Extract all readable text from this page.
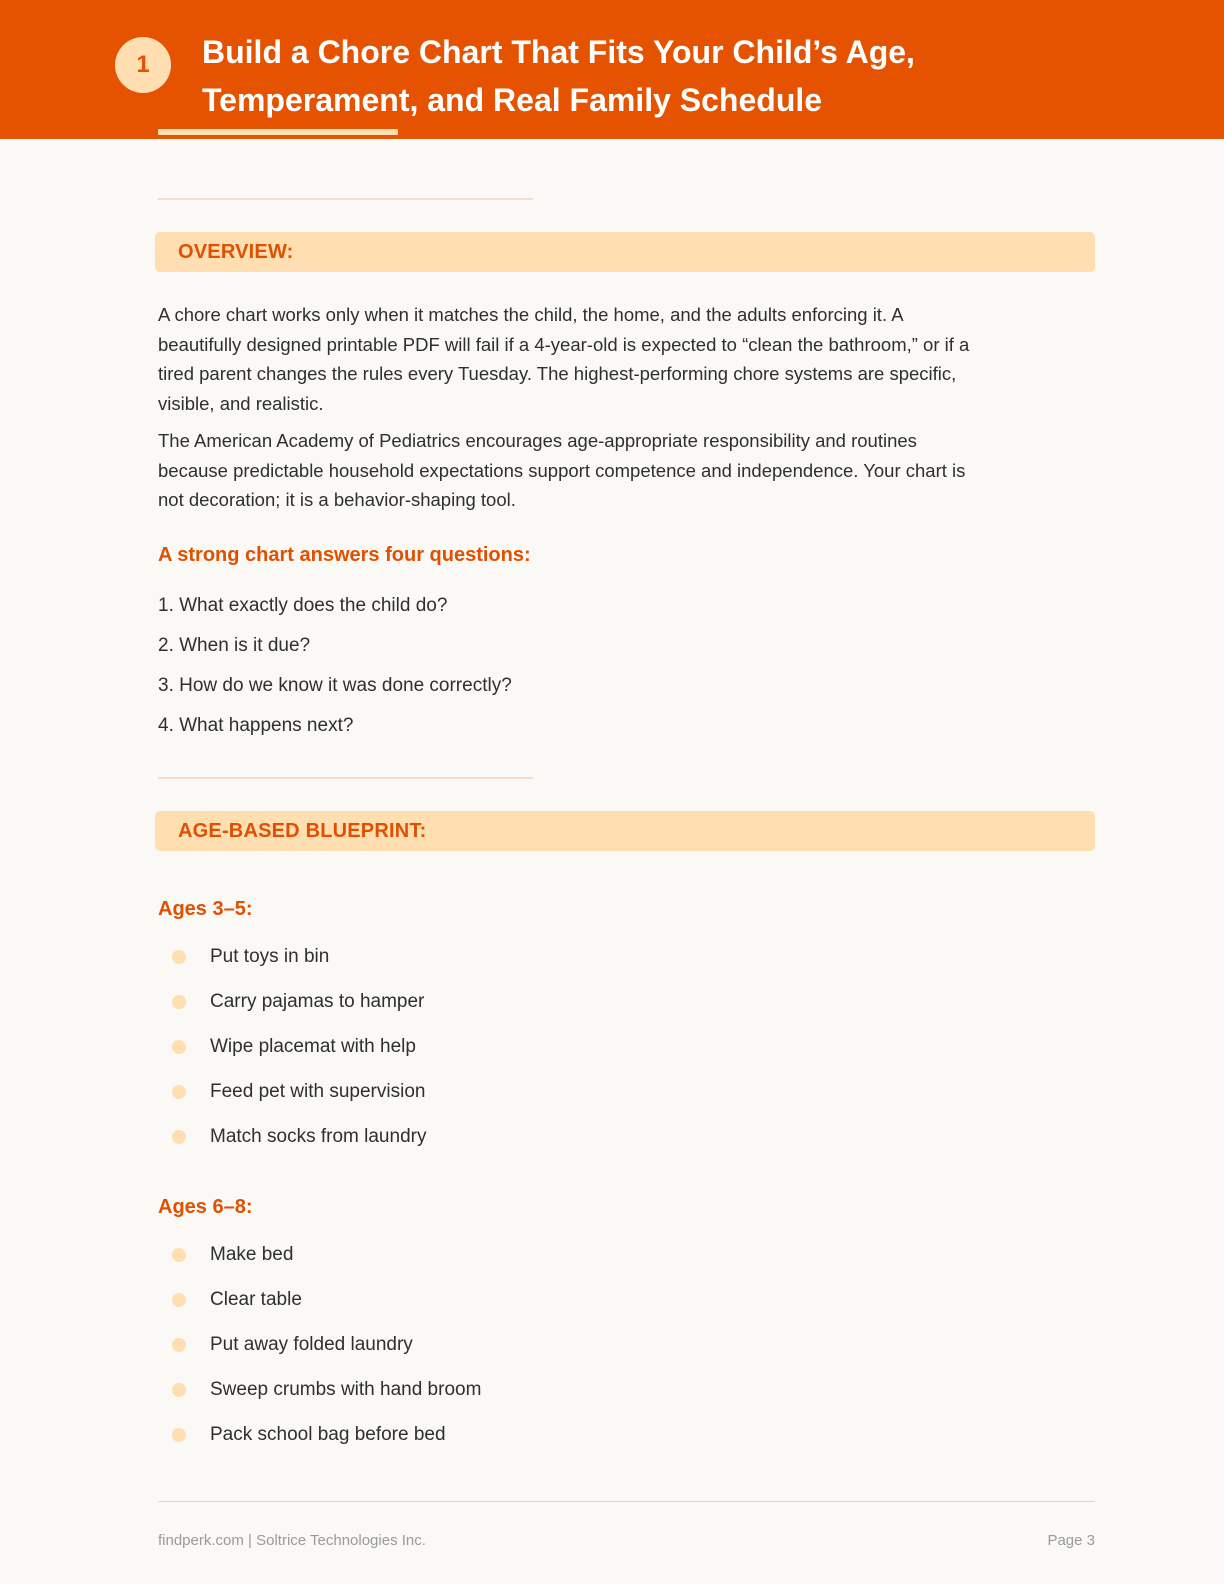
1	Build a Chore Chart That Fits Your Child’s Age,
Temperament, and Real Family Schedule
OVERVIEW:
A chore chart works only when it matches the child, the home, and the adults enforcing it. A
beautifully designed printable PDF will fail if a 4-year-old is expected to “clean the bathroom,” or if a
tired parent changes the rules every Tuesday. The highest-performing chore systems are specific,
visible, and realistic.
The American Academy of Pediatrics encourages age-appropriate responsibility and routines
because predictable household expectations support competence and independence. Your chart is
not decoration; it is a behavior-shaping tool.
A strong chart answers four questions:
1. What exactly does the child do?
2. When is it due?
3. How do we know it was done correctly?
4. What happens next?
AGE-BASED BLUEPRINT:
Ages 3–5:
Put toys in bin
Carry pajamas to hamper
Wipe placemat with help
Feed pet with supervision
Match socks from laundry
Ages 6–8:
Make bed
Clear table
Put away folded laundry
Sweep crumbs with hand broom
Pack school bag before bed
findperk.com | Soltrice Technologies Inc.	Page 3
